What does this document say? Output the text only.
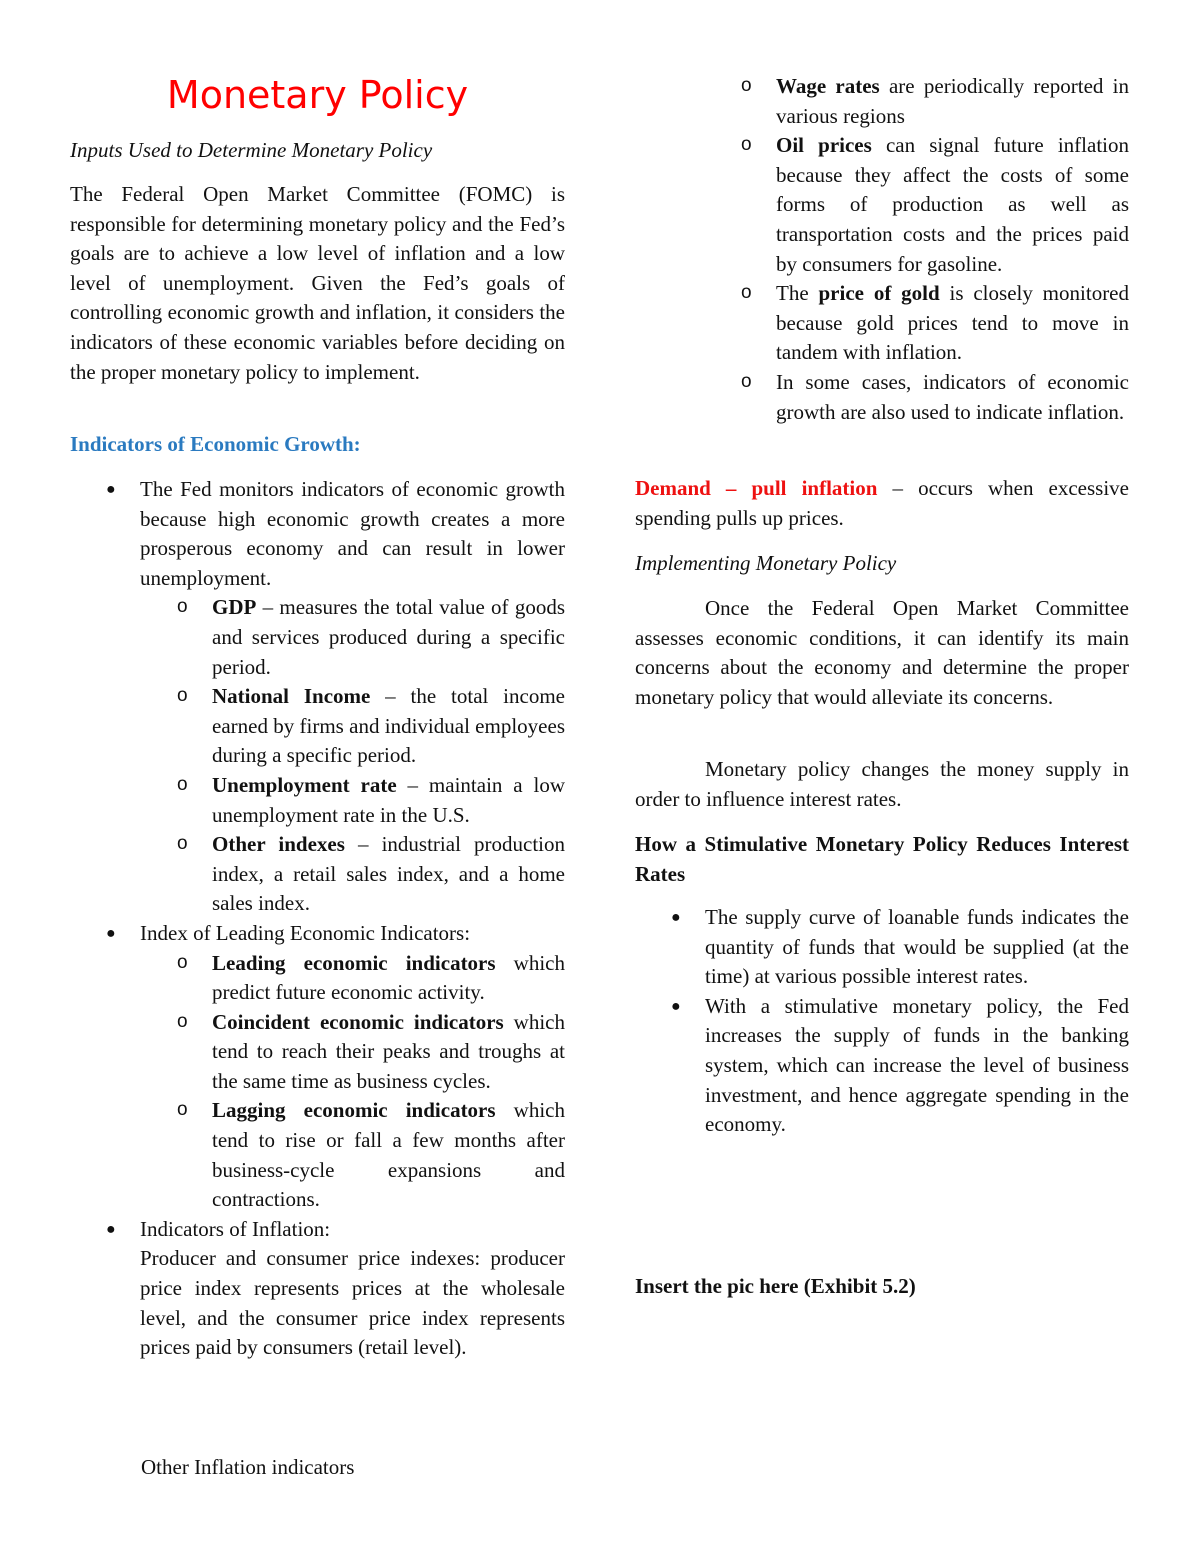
Monetary Policy
Inputs Used to Determine Monetary Policy
The Federal Open Market Committee (FOMC) is responsible for determining monetary policy and the Fed’s goals are to achieve a low level of inflation and a low level of unemployment. Given the Fed’s goals of controlling economic growth and inflation, it considers the indicators of these economic variables before deciding on the proper monetary policy to implement.
Indicators of Economic Growth:
● The Fed monitors indicators of economic growth because high economic growth creates a more prosperous economy and can result in lower unemployment.
o GDP – measures the total value of goods and services produced during a specific period.
o National Income – the total income earned by firms and individual employees during a specific period.
o Unemployment rate – maintain a low unemployment rate in the U.S.
o Other indexes – industrial production index, a retail sales index, and a home sales index.
● Index of Leading Economic Indicators:
o Leading economic indicators which predict future economic activity.
o Coincident economic indicators which tend to reach their peaks and troughs at the same time as business cycles.
o Lagging economic indicators which tend to rise or fall a few months after business-cycle expansions and contractions.
● Indicators of Inflation:
Producer and consumer price indexes: producer price index represents prices at the wholesale level, and the consumer price index represents prices paid by consumers (retail level).
Other Inflation indicators
o Wage rates are periodically reported in various regions
o Oil prices can signal future inflation because they affect the costs of some forms of production as well as transportation costs and the prices paid by consumers for gasoline.
o The price of gold is closely monitored because gold prices tend to move in tandem with inflation.
o In some cases, indicators of economic growth are also used to indicate inflation.
Demand – pull inflation – occurs when excessive spending pulls up prices.
Implementing Monetary Policy
Once the Federal Open Market Committee assesses economic conditions, it can identify its main concerns about the economy and determine the proper monetary policy that would alleviate its concerns.
Monetary policy changes the money supply in order to influence interest rates.
How a Stimulative Monetary Policy Reduces Interest Rates
● The supply curve of loanable funds indicates the quantity of funds that would be supplied (at the time) at various possible interest rates.
● With a stimulative monetary policy, the Fed increases the supply of funds in the banking system, which can increase the level of business investment, and hence aggregate spending in the economy.
Insert the pic here (Exhibit 5.2)
